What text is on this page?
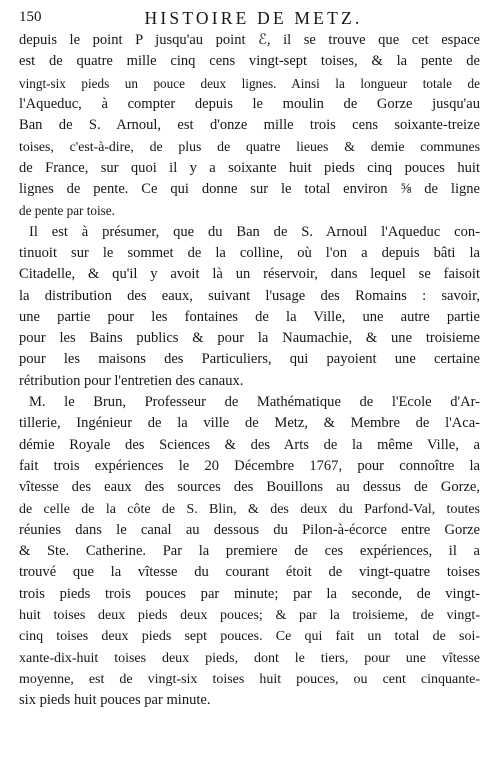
150	HISTOIRE DE METZ.

depuis le point P jusqu'au point ℰ, il se trouve que cet espace
est de quatre mille cinq cens vingt-sept toises, & la pente de
vingt-six pieds un pouce deux lignes. Ainsi la longueur totale de
l'Aqueduc, à compter depuis le moulin de Gorze jusqu'au
Ban de S. Arnoul, est d'onze mille trois cens soixante-treize
toises, c'est-à-dire, de plus de quatre lieues & demie communes
de France, sur quoi il y a soixante huit pieds cinq pouces huit
lignes de pente. Ce qui donne sur le total environ ⅝ de ligne
de pente par toise.

Il est à présumer, que du Ban de S. Arnoul l'Aqueduc con-
tinuoit sur le sommet de la colline, où l'on a depuis bâti la
Citadelle, & qu'il y avoit là un réservoir, dans lequel se faisoit
la distribution des eaux, suivant l'usage des Romains : savoir,
une partie pour les fontaines de la Ville, une autre partie
pour les Bains publics & pour la Naumachie, & une troisieme
pour les maisons des Particuliers, qui payoient une certaine
rétribution pour l'entretien des canaux.

M. le Brun, Professeur de Mathématique de l'Ecole d'Ar-
tillerie, Ingénieur de la ville de Metz, & Membre de l'Aca-
démie Royale des Sciences & des Arts de la même Ville, a
fait trois expériences le 20 Décembre 1767, pour connoître la
vîtesse des eaux des sources des Bouillons au dessus de Gorze,
de celle de la côte de S. Blin, & des deux du Parfond-Val, toutes
réunies dans le canal au dessous du Pilon-à-écorce entre Gorze
& Ste. Catherine. Par la premiere de ces expériences, il a
trouvé que la vîtesse du courant étoit de vingt-quatre toises
trois pieds trois pouces par minute; par la seconde, de vingt-
huit toises deux pieds deux pouces; & par la troisieme, de vingt-
cinq toises deux pieds sept pouces. Ce qui fait un total de soi-
xante-dix-huit toises deux pieds, dont le tiers, pour une vîtesse
moyenne, est de vingt-six toises huit pouces, ou cent cinquante-
six pieds huit pouces par minute.
